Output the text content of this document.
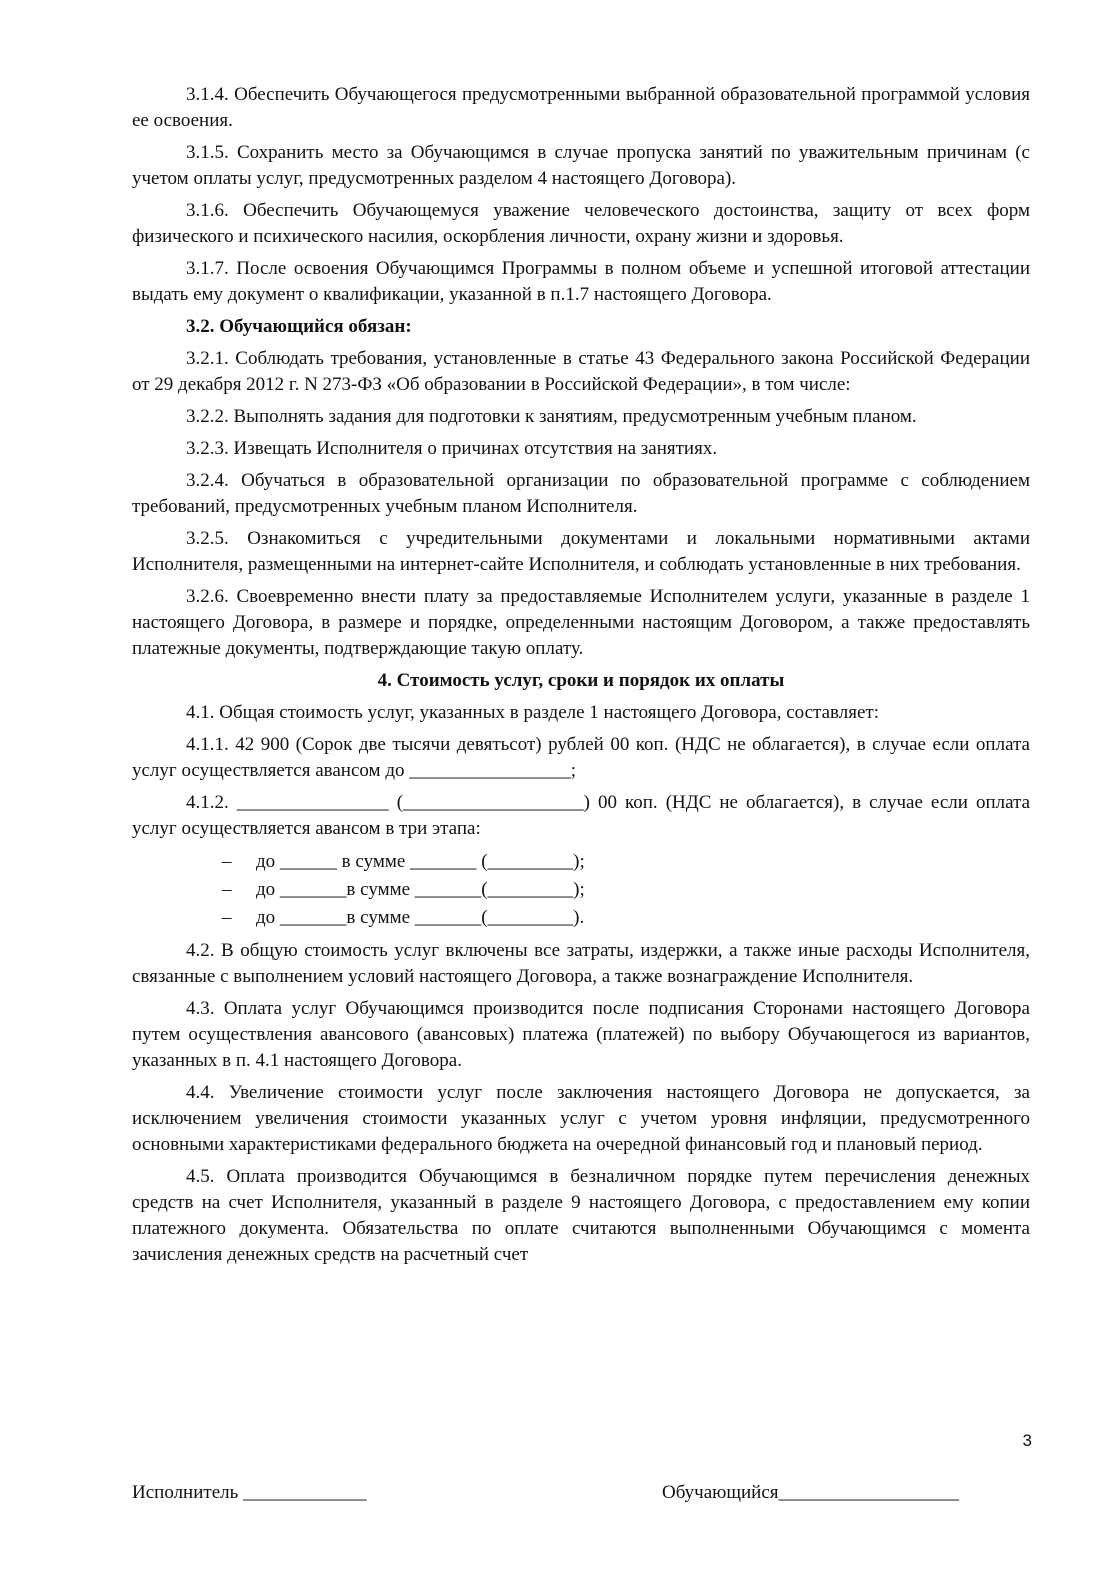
3.1.4. Обеспечить Обучающегося предусмотренными выбранной образовательной программой условия ее освоения.

3.1.5. Сохранить место за Обучающимся в случае пропуска занятий по уважительным причинам (с учетом оплаты услуг, предусмотренных разделом 4 настоящего Договора).

3.1.6. Обеспечить Обучающемуся уважение человеческого достоинства, защиту от всех форм физического и психического насилия, оскорбления личности, охрану жизни и здоровья.

3.1.7. После освоения Обучающимся Программы в полном объеме и успешной итоговой аттестации выдать ему документ о квалификации, указанной в п.1.7 настоящего Договора.

3.2. Обучающийся обязан:

3.2.1. Соблюдать требования, установленные в статье 43 Федерального закона Российской Федерации от 29 декабря 2012 г. N 273-ФЗ «Об образовании в Российской Федерации», в том числе:

3.2.2. Выполнять задания для подготовки к занятиям, предусмотренным учебным планом.

3.2.3. Извещать Исполнителя о причинах отсутствия на занятиях.

3.2.4. Обучаться в образовательной организации по образовательной программе с соблюдением требований, предусмотренных учебным планом Исполнителя.

3.2.5. Ознакомиться с учредительными документами и локальными нормативными актами Исполнителя, размещенными на интернет-сайте Исполнителя, и соблюдать установленные в них требования.

3.2.6. Своевременно внести плату за предоставляемые Исполнителем услуги, указанные в разделе 1 настоящего Договора, в размере и порядке, определенными настоящим Договором, а также предоставлять платежные документы, подтверждающие такую оплату.

4. Стоимость услуг, сроки и порядок их оплаты

4.1. Общая стоимость услуг, указанных в разделе 1 настоящего Договора, составляет:

4.1.1. 42 900 (Сорок две тысячи девятьсот) рублей 00 коп. (НДС не облагается), в случае если оплата услуг осуществляется авансом до _________________;

4.1.2. ________________ (___________________) 00 коп. (НДС не облагается), в случае если оплата услуг осуществляется авансом в три этапа:

– до ______ в сумме _______ (_________);
– до _______в сумме _______(_________);
– до _______в сумме _______(_________).

4.2. В общую стоимость услуг включены все затраты, издержки, а также иные расходы Исполнителя, связанные с выполнением условий настоящего Договора, а также вознаграждение Исполнителя.

4.3. Оплата услуг Обучающимся производится после подписания Сторонами настоящего Договора путем осуществления авансового (авансовых) платежа (платежей) по выбору Обучающегося из вариантов, указанных в п. 4.1 настоящего Договора.

4.4. Увеличение стоимости услуг после заключения настоящего Договора не допускается, за исключением увеличения стоимости указанных услуг с учетом уровня инфляции, предусмотренного основными характеристиками федерального бюджета на очередной финансовый год и плановый период.

4.5. Оплата производится Обучающимся в безналичном порядке путем перечисления денежных средств на счет Исполнителя, указанный в разделе 9 настоящего Договора, с предоставлением ему копии платежного документа. Обязательства по оплате считаются выполненными Обучающимся с момента зачисления денежных средств на расчетный счет

3
Исполнитель _____________	Обучающийся___________________
